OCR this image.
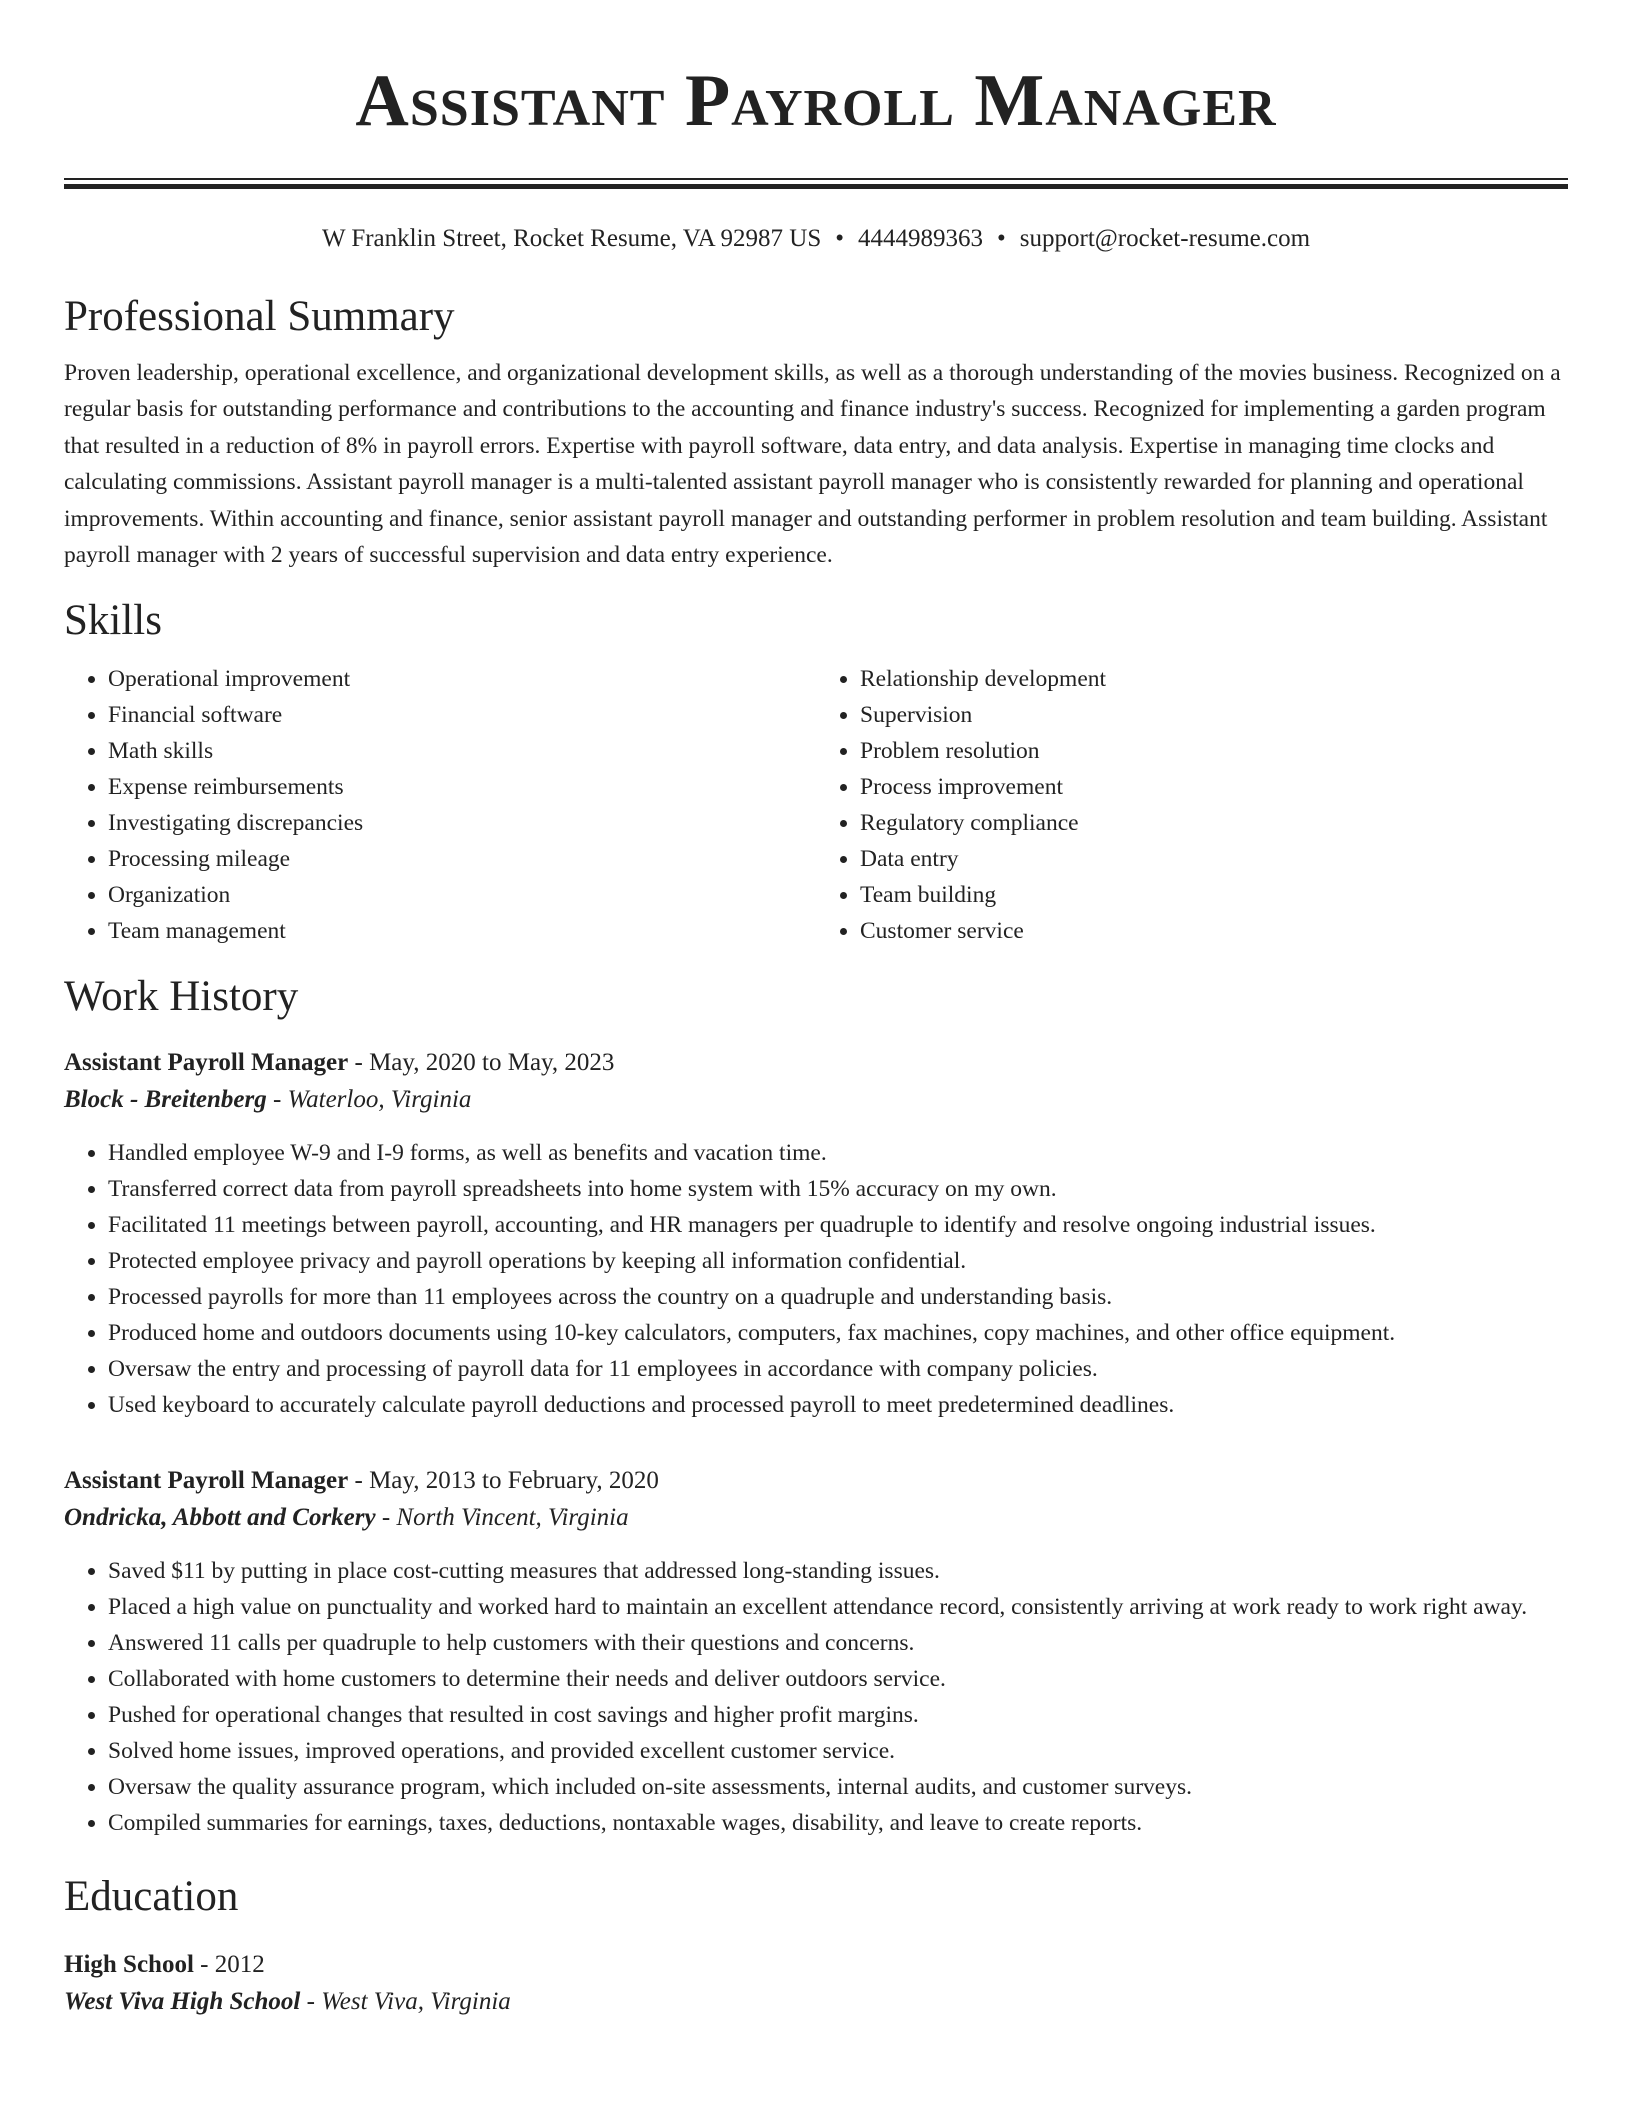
Assistant Payroll Manager
W Franklin Street, Rocket Resume, VA 92987 US • 4444989363 • support@rocket-resume.com
Professional Summary

Proven leadership, operational excellence, and organizational development skills, as well as a thorough understanding of the movies business. Recognized on a regular basis for outstanding performance and contributions to the accounting and finance industry's success. Recognized for implementing a garden program that resulted in a reduction of 8% in payroll errors. Expertise with payroll software, data entry, and data analysis. Expertise in managing time clocks and calculating commissions. Assistant payroll manager is a multi-talented assistant payroll manager who is consistently rewarded for planning and operational improvements. Within accounting and finance, senior assistant payroll manager and outstanding performer in problem resolution and team building. Assistant payroll manager with 2 years of successful supervision and data entry experience.

Skills
• Operational improvement
• Financial software
• Math skills
• Expense reimbursements
• Investigating discrepancies
• Processing mileage
• Organization
• Team management
• Relationship development
• Supervision
• Problem resolution
• Process improvement
• Regulatory compliance
• Data entry
• Team building
• Customer service
Work History
Assistant Payroll Manager - May, 2020 to May, 2023
Block - Breitenberg - Waterloo, Virginia
• Handled employee W-9 and I-9 forms, as well as benefits and vacation time.
• Transferred correct data from payroll spreadsheets into home system with 15% accuracy on my own.
• Facilitated 11 meetings between payroll, accounting, and HR managers per quadruple to identify and resolve ongoing industrial issues.
• Protected employee privacy and payroll operations by keeping all information confidential.
• Processed payrolls for more than 11 employees across the country on a quadruple and understanding basis.
• Produced home and outdoors documents using 10-key calculators, computers, fax machines, copy machines, and other office equipment.
• Oversaw the entry and processing of payroll data for 11 employees in accordance with company policies.
• Used keyboard to accurately calculate payroll deductions and processed payroll to meet predetermined deadlines.
Assistant Payroll Manager - May, 2013 to February, 2020
Ondricka, Abbott and Corkery - North Vincent, Virginia
• Saved $11 by putting in place cost-cutting measures that addressed long-standing issues.
• Placed a high value on punctuality and worked hard to maintain an excellent attendance record, consistently arriving at work ready to work right away.
• Answered 11 calls per quadruple to help customers with their questions and concerns.
• Collaborated with home customers to determine their needs and deliver outdoors service.
• Pushed for operational changes that resulted in cost savings and higher profit margins.
• Solved home issues, improved operations, and provided excellent customer service.
• Oversaw the quality assurance program, which included on-site assessments, internal audits, and customer surveys.
• Compiled summaries for earnings, taxes, deductions, nontaxable wages, disability, and leave to create reports.
Education
High School - 2012
West Viva High School - West Viva, Virginia
